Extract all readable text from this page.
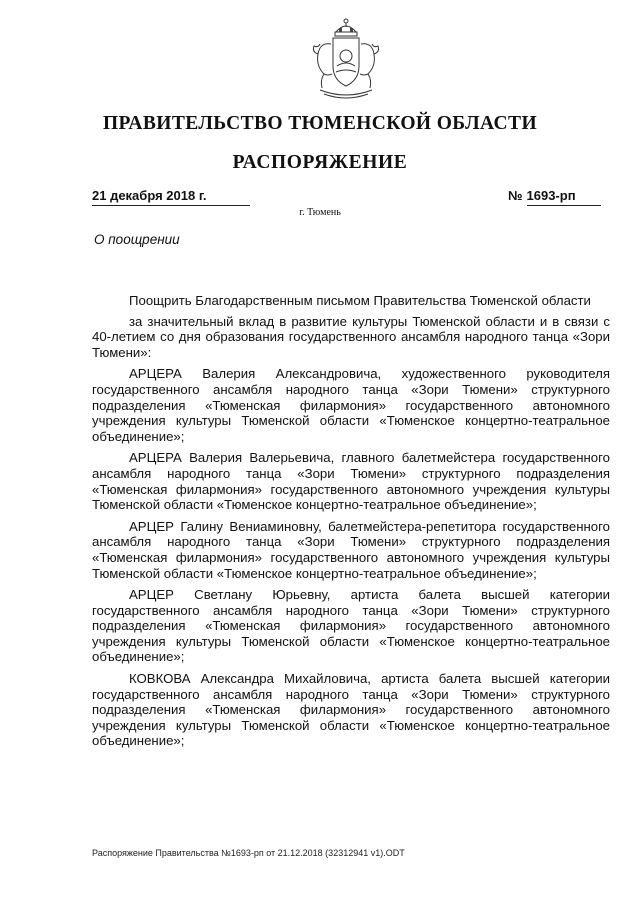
ПРАВИТЕЛЬСТВО ТЮМЕНСКОЙ ОБЛАСТИ
РАСПОРЯЖЕНИЕ
21 декабря 2018 г.	№ 1693-рп
г. Тюмень
О поощрении

Поощрить Благодарственным письмом Правительства Тюменской области

за значительный вклад в развитие культуры Тюменской области и в связи с 40-летием со дня образования государственного ансамбля народного танца «Зори Тюмени»:

АРЦЕРА Валерия Александровича, художественного руководителя государственного ансамбля народного танца «Зори Тюмени» структурного подразделения «Тюменская филармония» государственного автономного учреждения культуры Тюменской области «Тюменское концертно-театральное объединение»;

АРЦЕРА Валерия Валерьевича, главного балетмейстера государственного ансамбля народного танца «Зори Тюмени» структурного подразделения «Тюменская филармония» государственного автономного учреждения культуры Тюменской области «Тюменское концертно-театральное объединение»;

АРЦЕР Галину Вениаминовну, балетмейстера-репетитора государственного ансамбля народного танца «Зори Тюмени» структурного подразделения «Тюменская филармония» государственного автономного учреждения культуры Тюменской области «Тюменское концертно-театральное объединение»;

АРЦЕР Светлану Юрьевну, артиста балета высшей категории государственного ансамбля народного танца «Зори Тюмени» структурного подразделения «Тюменская филармония» государственного автономного учреждения культуры Тюменской области «Тюменское концертно-театральное объединение»;

КОВКОВА Александра Михайловича, артиста балета высшей категории государственного ансамбля народного танца «Зори Тюмени» структурного подразделения «Тюменская филармония» государственного автономного учреждения культуры Тюменской области «Тюменское концертно-театральное объединение»;

Распоряжение Правительства №1693-рп от 21.12.2018 (32312941 v1).ODT
